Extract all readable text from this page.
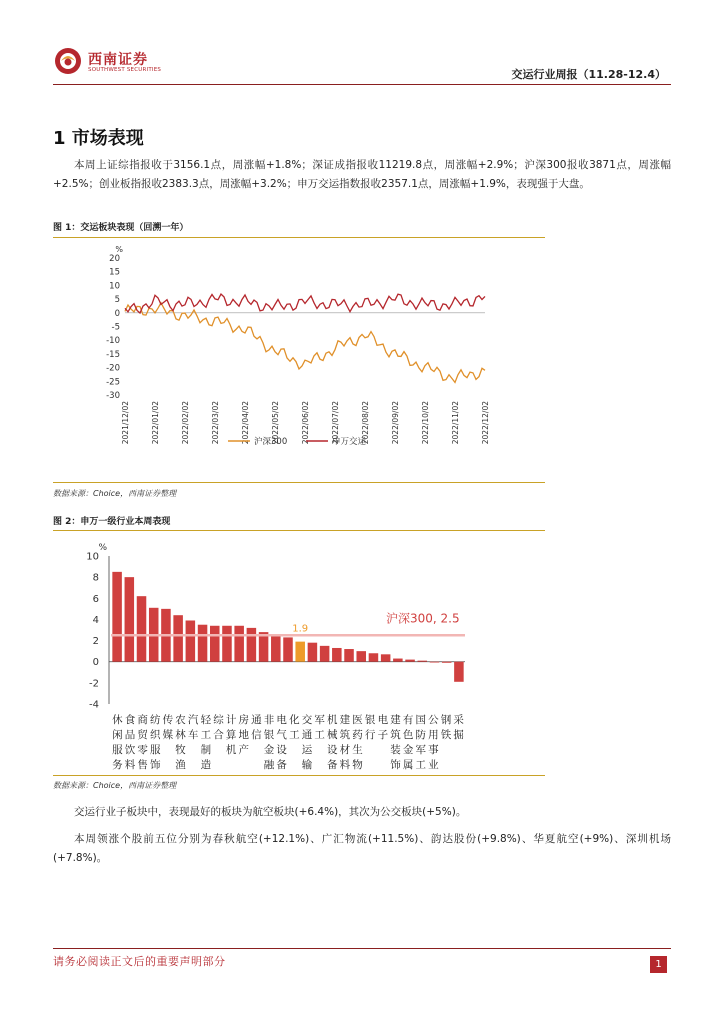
西南证券
SOUTHWEST SECURITIES	交运行业周报（11.28-12.4）
1 市场表现
本周上证综指报收于3156.1点，周涨幅+1.8%；深证成指报收11219.8点，周涨幅+2.9%；沪深300报收3871点，周涨幅+2.5%；创业板指报收2383.3点，周涨幅+3.2%；申万交运指数报收2357.1点，周涨幅+1.9%，表现强于大盘。
图 1：交运板块表现（回溯一年）
%
20
15
10
5
0
-5
-10
-15
-20
-25
-30
2021/12/02	2022/01/02	2022/02/02	2022/03/02	2022/04/02	2022/05/02	2022/06/02	2022/07/02	2022/08/02	2022/09/02	2022/10/02	2022/11/02	2022/12/02
沪深300	申万交运
数据来源：Choice，西南证券整理
图 2：申万一级行业本周表现
%
10
8
6
4
2
0
-2
-4
沪深300, 2.5
1.9
休
闲
服
务
食
品
饮
料
商
贸
零
售
纺
织
服
饰
传
媒
农
林
牧
渔
汽
车
轻
工
制
造
综
合
计
算
机
房
地
产
通
信
非
银
金
融
电
气
设
备
化
工
交
通
运
输
军
工
机
械
设
备
建
筑
材
料
医
药
生
物
银
行
电
子
建
筑
装
饰
有
色
金
属
国
防
军
工
公
用
事
业
钢
铁
采
掘
数据来源：Choice，西南证券整理
交运行业子板块中，表现最好的板块为航空板块(+6.4%)，其次为公交板块(+5%)。
本周领涨个股前五位分别为春秋航空(+12.1%)、广汇物流(+11.5%)、韵达股份(+9.8%)、华夏航空(+9%)、深圳机场(+7.8%)。
请务必阅读正文后的重要声明部分	1
